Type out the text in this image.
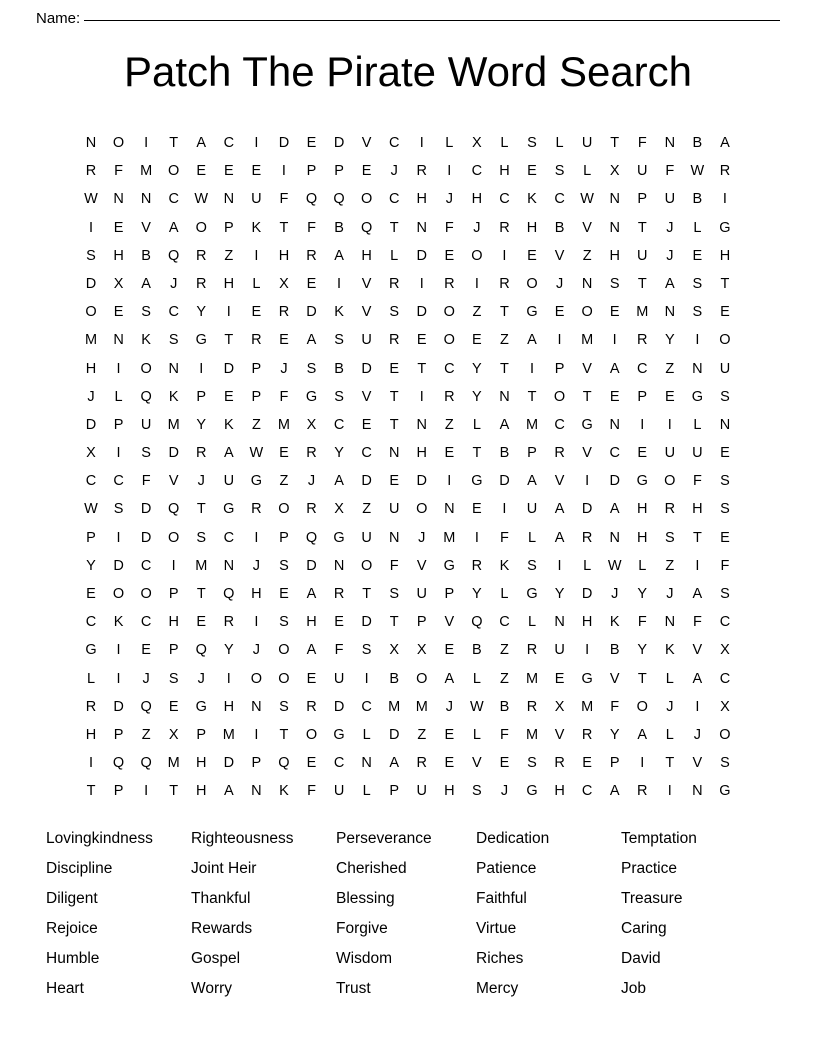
Name:
Patch The Pirate Word Search
N	O	I	T	A	C	I	D	E	D	V	C	I	L	X	L	S	L	U	T	F	N	B	A
R	F	M	O	E	E	E	I	P	P	E	J	R	I	C	H	E	S	L	X	U	F	W	R
W	N	N	C	W	N	U	F	Q	Q	O	C	H	J	H	C	K	C	W	N	P	U	B	I
I	E	V	A	O	P	K	T	F	B	Q	T	N	F	J	R	H	B	V	N	T	J	L	G
S	H	B	Q	R	Z	I	H	R	A	H	L	D	E	O	I	E	V	Z	H	U	J	E	H
D	X	A	J	R	H	L	X	E	I	V	R	I	R	I	R	O	J	N	S	T	A	S	T
O	E	S	C	Y	I	E	R	D	K	V	S	D	O	Z	T	G	E	O	E	M	N	S	E
M	N	K	S	G	T	R	E	A	S	U	R	E	O	E	Z	A	I	M	I	R	Y	I	O
H	I	O	N	I	D	P	J	S	B	D	E	T	C	Y	T	I	P	V	A	C	Z	N	U
J	L	Q	K	P	E	P	F	G	S	V	T	I	R	Y	N	T	O	T	E	P	E	G	S
D	P	U	M	Y	K	Z	M	X	C	E	T	N	Z	L	A	M	C	G	N	I	I	L	N
X	I	S	D	R	A	W	E	R	Y	C	N	H	E	T	B	P	R	V	C	E	U	U	E
C	C	F	V	J	U	G	Z	J	A	D	E	D	I	G	D	A	V	I	D	G	O	F	S
W	S	D	Q	T	G	R	O	R	X	Z	U	O	N	E	I	U	A	D	A	H	R	H	S
P	I	D	O	S	C	I	P	Q	G	U	N	J	M	I	F	L	A	R	N	H	S	T	E
Y	D	C	I	M	N	J	S	D	N	O	F	V	G	R	K	S	I	L	W	L	Z	I	F
E	O	O	P	T	Q	H	E	A	R	T	S	U	P	Y	L	G	Y	D	J	Y	J	A	S
C	K	C	H	E	R	I	S	H	E	D	T	P	V	Q	C	L	N	H	K	F	N	F	C
G	I	E	P	Q	Y	J	O	A	F	S	X	X	E	B	Z	R	U	I	B	Y	K	V	X
L	I	J	S	J	I	O	O	E	U	I	B	O	A	L	Z	M	E	G	V	T	L	A	C
R	D	Q	E	G	H	N	S	R	D	C	M	M	J	W	B	R	X	M	F	O	J	I	X
H	P	Z	X	P	M	I	T	O	G	L	D	Z	E	L	F	M	V	R	Y	A	L	J	O
I	Q	Q	M	H	D	P	Q	E	C	N	A	R	E	V	E	S	R	E	P	I	T	V	S
T	P	I	T	H	A	N	K	F	U	L	P	U	H	S	J	G	H	C	A	R	I	N	G
Lovingkindness	Righteousness	Perseverance	Dedication	Temptation
Discipline	Joint Heir	Cherished	Patience	Practice
Diligent	Thankful	Blessing	Faithful	Treasure
Rejoice	Rewards	Forgive	Virtue	Caring
Humble	Gospel	Wisdom	Riches	David
Heart	Worry	Trust	Mercy	Job
